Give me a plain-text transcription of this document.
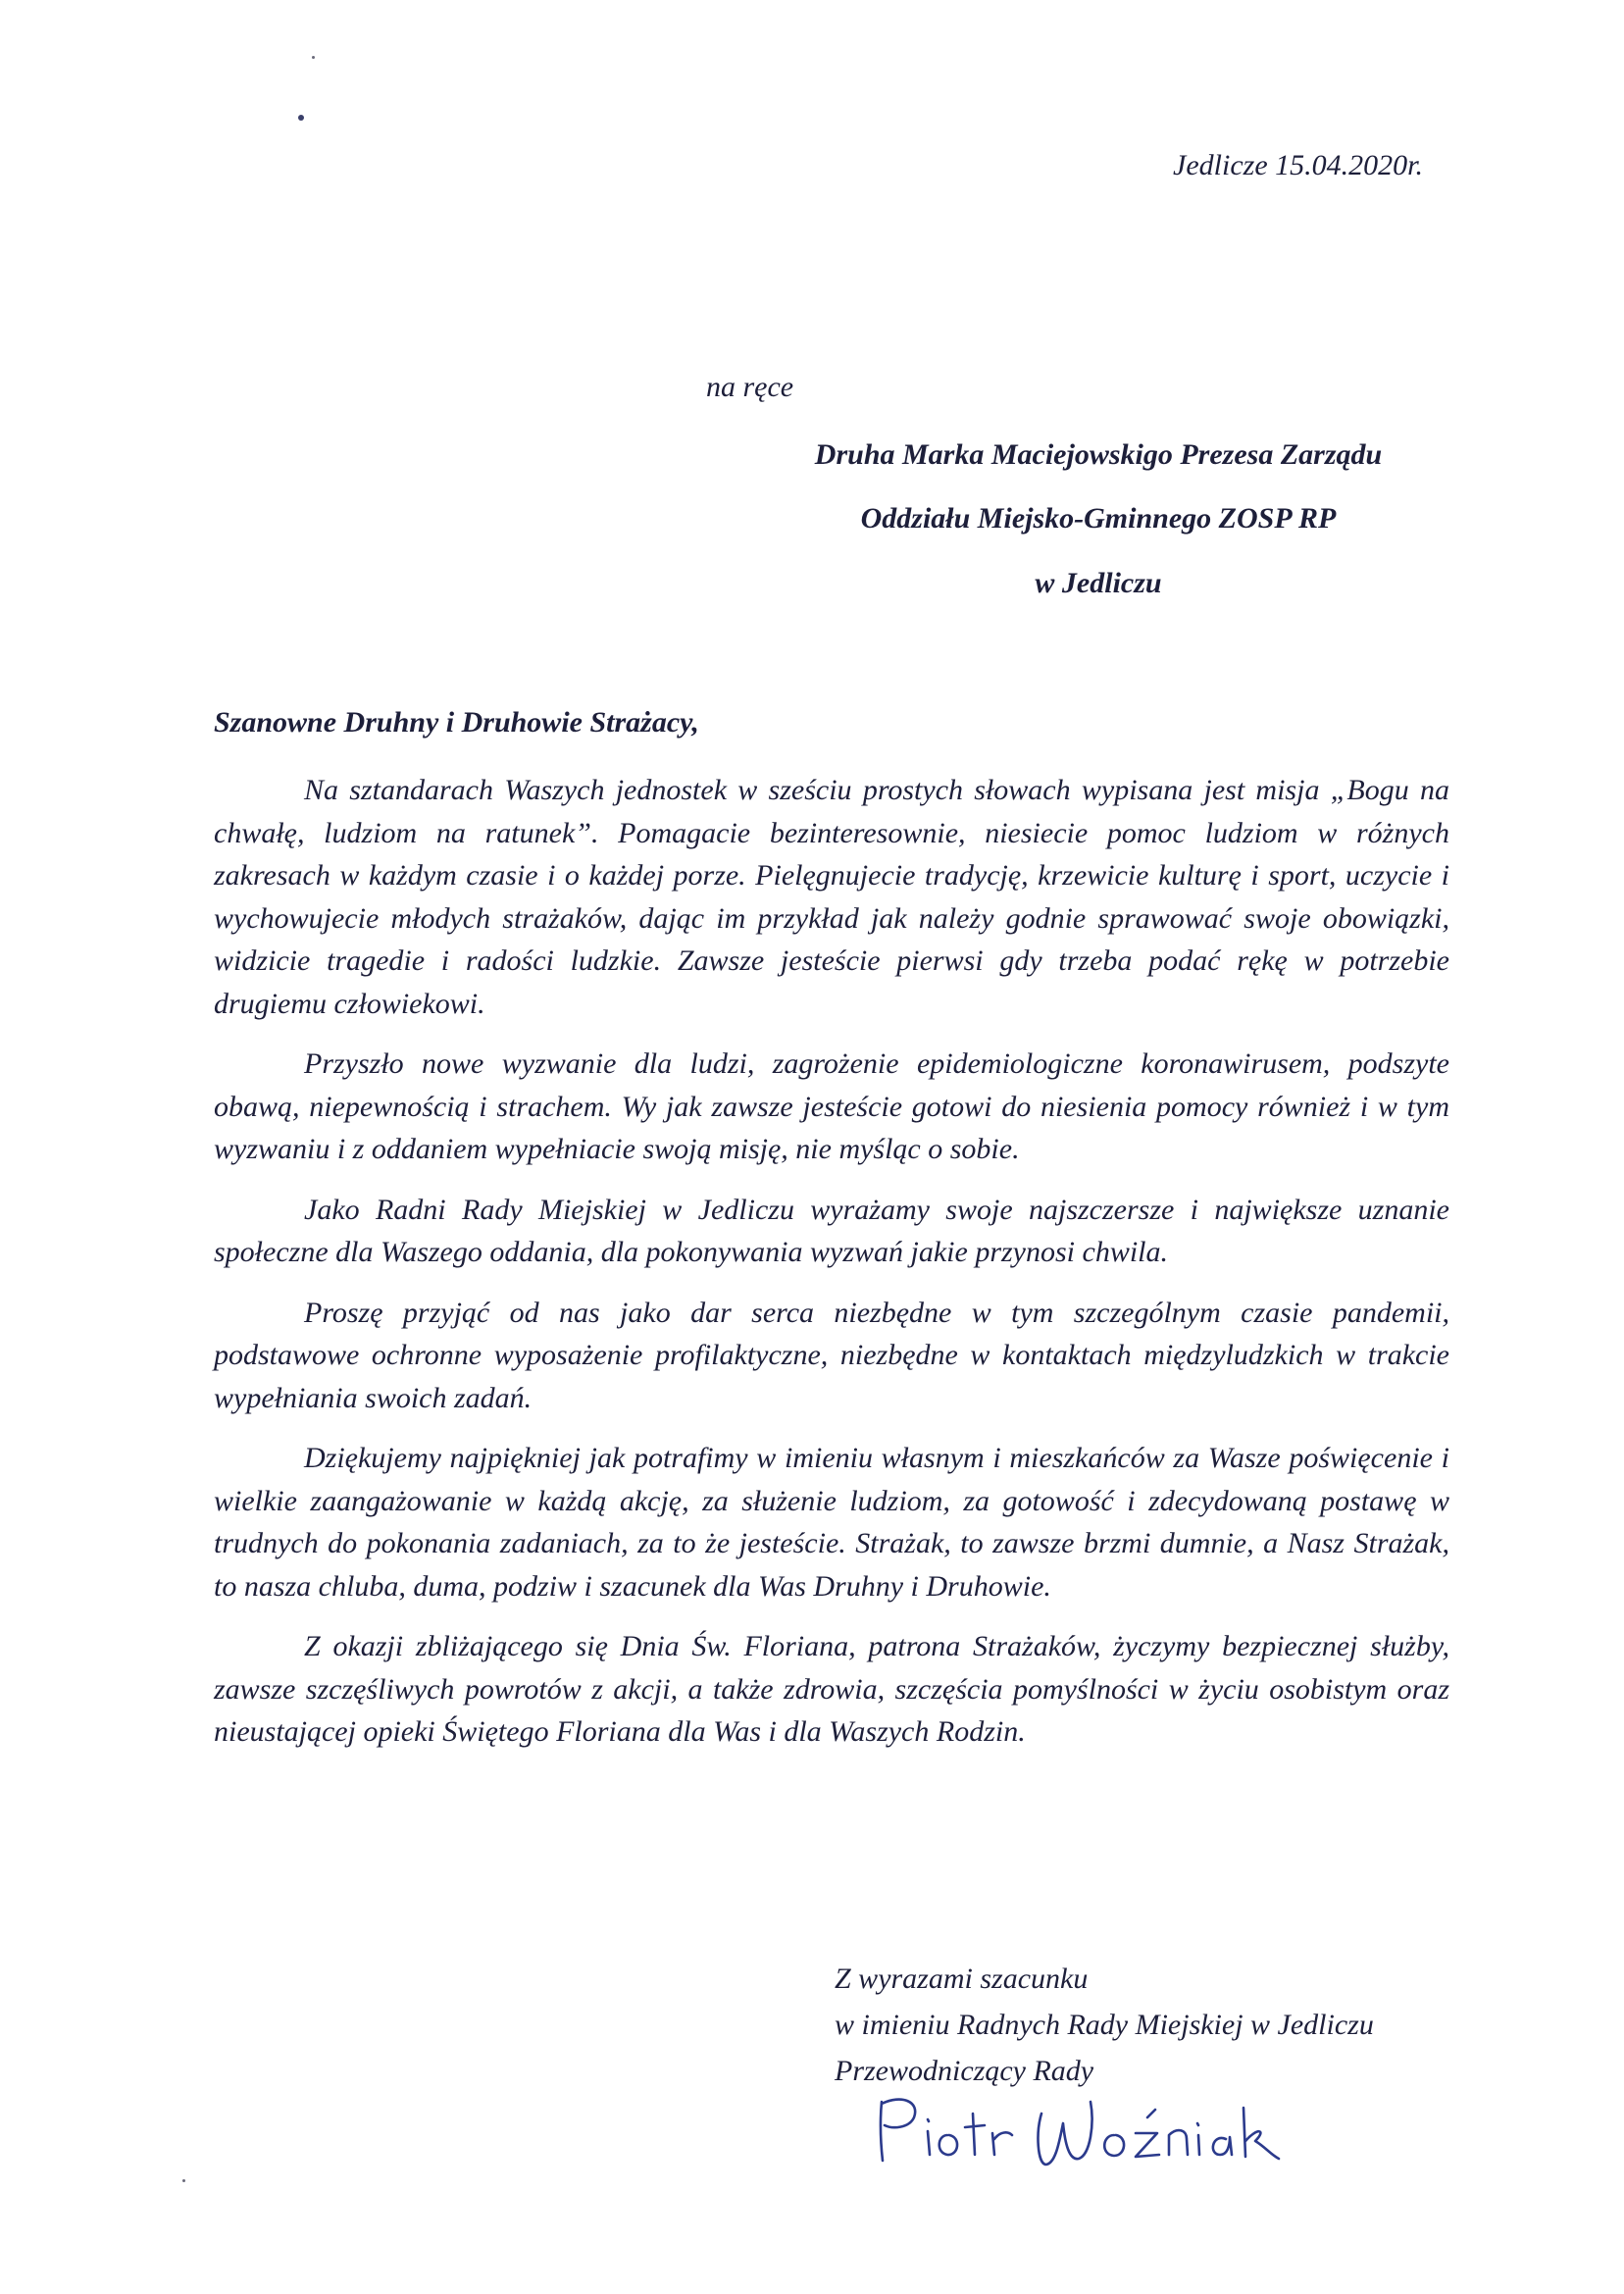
Jedlicze 15.04.2020r.
na ręce
Druha Marka Maciejowskigo Prezesa Zarządu
Oddziału Miejsko-Gminnego ZOSP RP
w Jedliczu
Szanowne Druhny i Druhowie Strażacy,

Na sztandarach Waszych jednostek w sześciu prostych słowach wypisana jest misja „Bogu na chwałę, ludziom na ratunek”. Pomagacie bezinteresownie, niesiecie pomoc ludziom w różnych zakresach w każdym czasie i o każdej porze. Pielęgnujecie tradycję, krzewicie kulturę i sport, uczycie i wychowujecie młodych strażaków, dając im przykład jak należy godnie sprawować swoje obowiązki, widzicie tragedie i radości ludzkie. Zawsze jesteście pierwsi gdy trzeba podać rękę w potrzebie drugiemu człowiekowi.

Przyszło nowe wyzwanie dla ludzi, zagrożenie epidemiologiczne koronawirusem, podszyte obawą, niepewnością i strachem. Wy jak zawsze jesteście gotowi do niesienia pomocy również i w tym wyzwaniu i z oddaniem wypełniacie swoją misję, nie myśląc o sobie.

Jako Radni Rady Miejskiej w Jedliczu wyrażamy swoje najszczersze i największe uznanie społeczne dla Waszego oddania, dla pokonywania wyzwań jakie przynosi chwila.

Proszę przyjąć od nas jako dar serca niezbędne w tym szczególnym czasie pandemii, podstawowe ochronne wyposażenie profilaktyczne, niezbędne w kontaktach międzyludzkich w trakcie wypełniania swoich zadań.

Dziękujemy najpiękniej jak potrafimy w imieniu własnym i mieszkańców za Wasze poświęcenie i wielkie zaangażowanie w każdą akcję, za służenie ludziom, za gotowość i zdecydowaną postawę w trudnych do pokonania zadaniach, za to że jesteście. Strażak, to zawsze brzmi dumnie, a Nasz Strażak, to nasza chluba, duma, podziw i szacunek dla Was Druhny i Druhowie.

Z okazji zbliżającego się Dnia Św. Floriana, patrona Strażaków, życzymy bezpiecznej służby, zawsze szczęśliwych powrotów z akcji, a także zdrowia, szczęścia pomyślności w życiu osobistym oraz nieustającej opieki Świętego Floriana dla Was i dla Waszych Rodzin.

Z wyrazami szacunku
w imieniu Radnych Rady Miejskiej w Jedliczu
Przewodniczący Rady
